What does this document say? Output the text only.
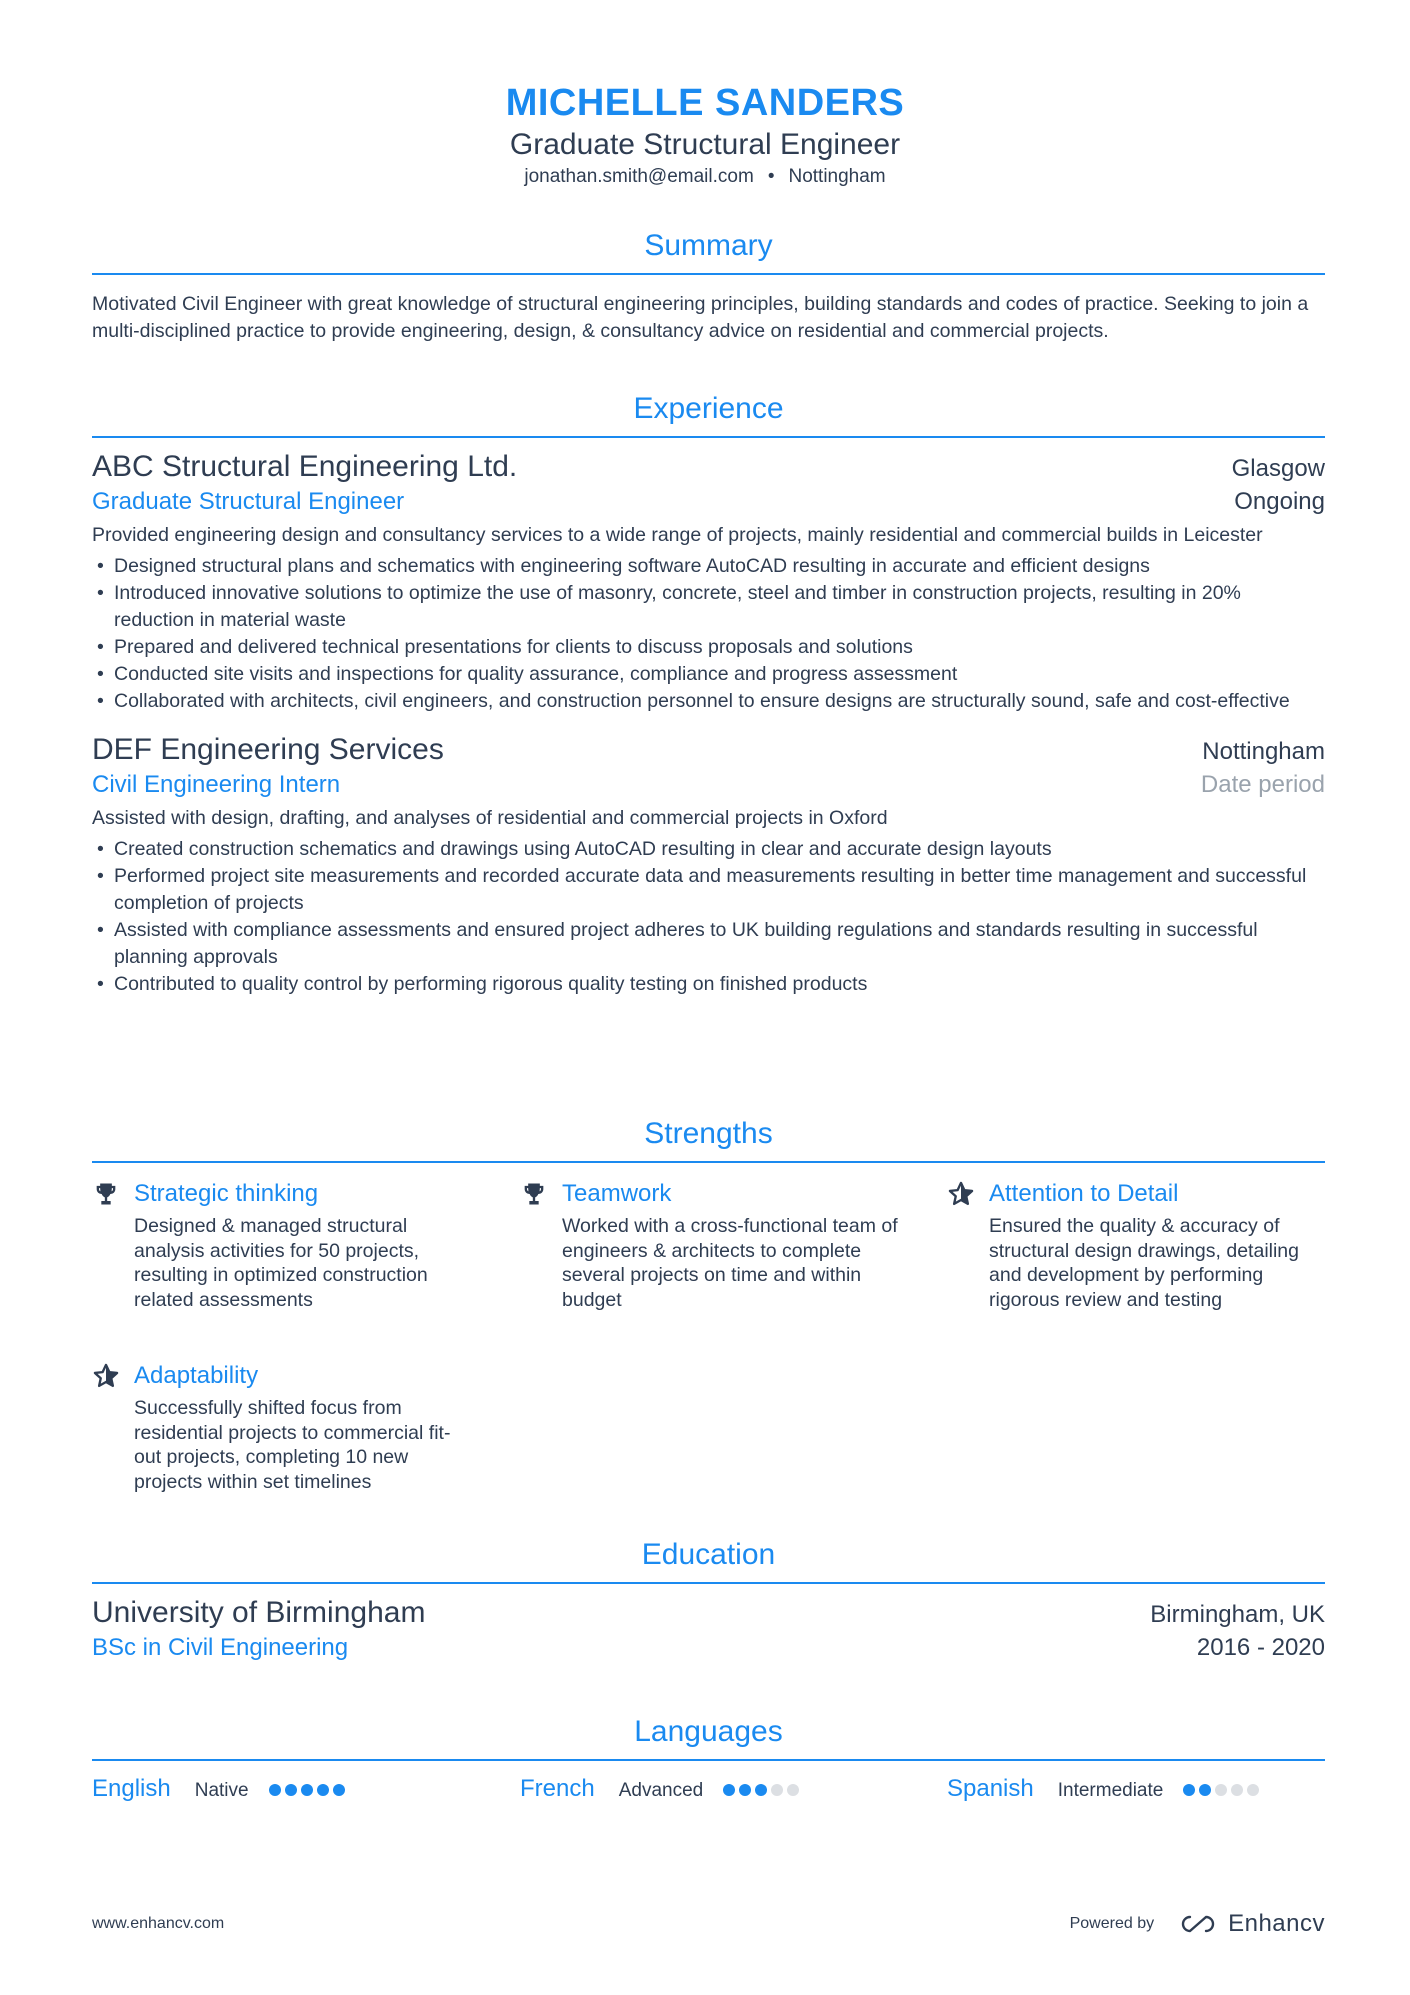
MICHELLE SANDERS
Graduate Structural Engineer
jonathan.smith@email.com • Nottingham
Summary
Motivated Civil Engineer with great knowledge of structural engineering principles, building standards and codes of practice. Seeking to join a multi-disciplined practice to provide engineering, design, & consultancy advice on residential and commercial projects.
Experience
ABC Structural Engineering Ltd.	Glasgow
Graduate Structural Engineer	Ongoing
Provided engineering design and consultancy services to a wide range of projects, mainly residential and commercial builds in Leicester
• Designed structural plans and schematics with engineering software AutoCAD resulting in accurate and efficient designs
• Introduced innovative solutions to optimize the use of masonry, concrete, steel and timber in construction projects, resulting in 20% reduction in material waste
• Prepared and delivered technical presentations for clients to discuss proposals and solutions
• Conducted site visits and inspections for quality assurance, compliance and progress assessment
• Collaborated with architects, civil engineers, and construction personnel to ensure designs are structurally sound, safe and cost-effective
DEF Engineering Services	Nottingham
Civil Engineering Intern	Date period
Assisted with design, drafting, and analyses of residential and commercial projects in Oxford
• Created construction schematics and drawings using AutoCAD resulting in clear and accurate design layouts
• Performed project site measurements and recorded accurate data and measurements resulting in better time management and successful completion of projects
• Assisted with compliance assessments and ensured project adheres to UK building regulations and standards resulting in successful planning approvals
• Contributed to quality control by performing rigorous quality testing on finished products
Strengths
Strategic thinking
Designed & managed structural analysis activities for 50 projects, resulting in optimized construction related assessments
Teamwork
Worked with a cross-functional team of engineers & architects to complete several projects on time and within budget
Attention to Detail
Ensured the quality & accuracy of structural design drawings, detailing and development by performing rigorous review and testing
Adaptability
Successfully shifted focus from residential projects to commercial fit-out projects, completing 10 new projects within set timelines
Education
University of Birmingham	Birmingham, UK
BSc in Civil Engineering	2016 - 2020
Languages
English Native	French Advanced	Spanish Intermediate
www.enhancv.com	Powered by	Enhancv
